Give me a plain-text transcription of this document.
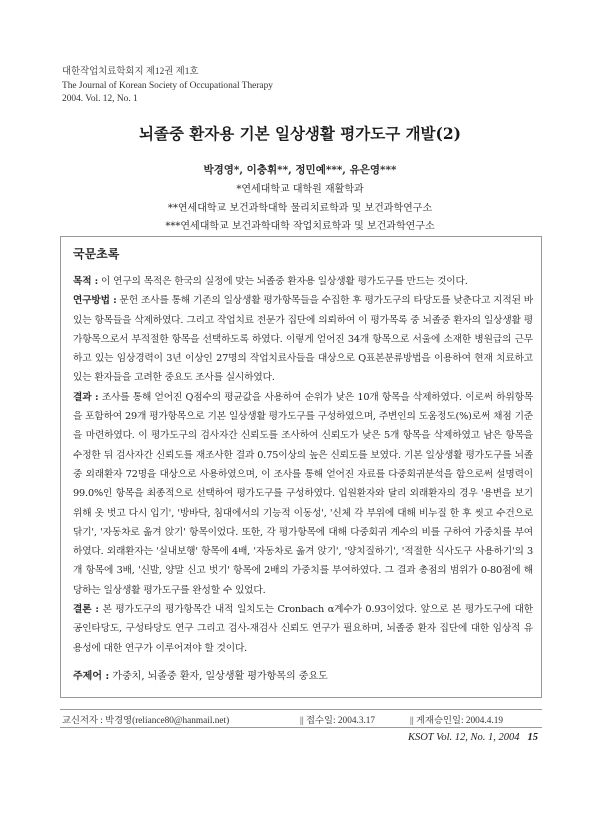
대한작업치료학회지 제12권 제1호
The Journal of Korean Society of Occupational Therapy
2004. Vol. 12, No. 1
뇌졸중 환자용 기본 일상생활 평가도구 개발(2)
박경영*, 이충휘**, 정민예***, 유은영***
*연세대학교 대학원 재활학과
**연세대학교 보건과학대학 물리치료학과 및 보건과학연구소
***연세대학교 보건과학대학 작업치료학과 및 보건과학연구소
국문초록

목적 : 이 연구의 목적은 한국의 실정에 맞는 뇌졸중 환자용 일상생활 평가도구를 만드는 것이다.

연구방법 : 문헌 조사를 통해 기존의 일상생활 평가항목들을 수집한 후 평가도구의 타당도를 낮춘다고 지적된 바 있는 항목들을 삭제하였다. 그리고 작업치료 전문가 집단에 의뢰하여 이 평가목록 중 뇌졸중 환자의 일상생활 평가항목으로서 부적절한 항목을 선택하도록 하였다. 이렇게 얻어진 34개 항목으로 서울에 소재한 병원급의 근무하고 있는 임상경력이 3년 이상인 27명의 작업치료사들을 대상으로 Q표본분류방법을 이용하여 현재 치료하고 있는 환자들을 고려한 중요도 조사를 실시하였다.

결과 : 조사를 통해 얻어진 Q점수의 평균값을 사용하여 순위가 낮은 10개 항목을 삭제하였다. 이로써 하위항목을 포함하여 29개 평가항목으로 기본 일상생활 평가도구를 구성하였으며, 주변인의 도움정도(%)로써 채점 기준을 마련하였다. 이 평가도구의 검사자간 신뢰도를 조사하여 신뢰도가 낮은 5개 항목을 삭제하였고 남은 항목을 수정한 뒤 검사자간 신뢰도를 재조사한 결과 0.75이상의 높은 신뢰도를 보였다. 기본 일상생활 평가도구를 뇌졸중 외래환자 72명을 대상으로 사용하였으며, 이 조사를 통해 얻어진 자료를 다중회귀분석을 함으로써 설명력이 99.0%인 항목을 최종적으로 선택하여 평가도구를 구성하였다. 입원환자와 달리 외래환자의 경우 '용변을 보기 위해 옷 벗고 다시 입기', '방바닥, 침대에서의 기능적 이동성', '신체 각 부위에 대해 비누질 한 후 씻고 수건으로 닦기', '자동차로 옮겨 앉기' 항목이었다. 또한, 각 평가항목에 대해 다중회귀 계수의 비를 구하여 가중치를 부여하였다. 외래환자는 '실내보행' 항목에 4배, '자동차로 옮겨 앉기', '양치질하기', '적절한 식사도구 사용하기'의 3개 항목에 3배, '신발, 양말 신고 벗기' 항목에 2배의 가중치를 부여하였다. 그 결과 총점의 범위가 0-80점에 해당하는 일상생활 평가도구를 완성할 수 있었다.

결론 : 본 평가도구의 평가항목간 내적 일치도는 Cronbach α계수가 0.93이었다. 앞으로 본 평가도구에 대한 공인타당도, 구성타당도 연구 그리고 검사-재검사 신뢰도 연구가 필요하며, 뇌졸중 환자 집단에 대한 임상적 유용성에 대한 연구가 이루어져야 할 것이다.

주제어 : 가중치, 뇌졸중 환자, 일상생활 평가항목의 중요도
교신저자 : 박경영(reliance80@hanmail.net)	|| 접수일: 2004.3.17	|| 게재승인일: 2004.4.19
KSOT Vol. 12, No. 1, 2004 15
